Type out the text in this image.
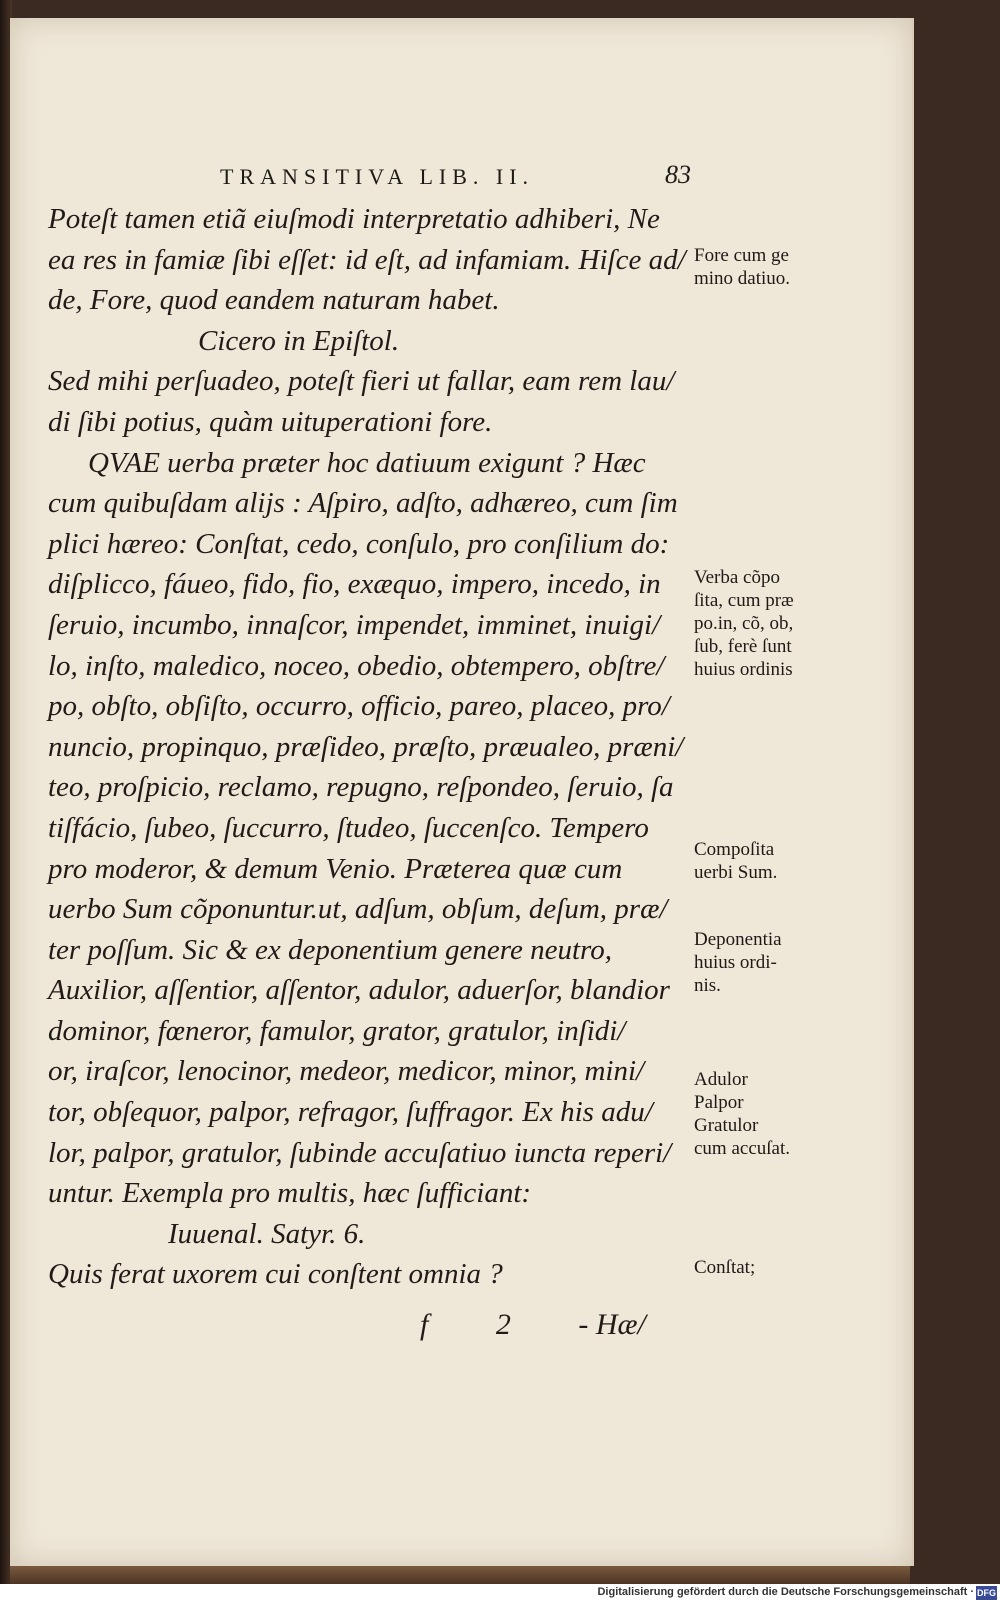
TRANSITIVA LIB. II.	83
Poteſt tamen etiã eiuſmodi interpretatio adhiberi, Ne
ea res in famiæ ſibi eſſet: id eſt, ad infamiam. Hiſce ad/
de, Fore, quod eandem naturam habet.
Cicero in Epiſtol.
Sed mihi perſuadeo, poteſt fieri ut fallar, eam rem lau/
di ſibi potius, quàm uituperationi fore.
QVAE uerba præter hoc datiuum exigunt ? Hæc
cum quibuſdam alijs : Aſpiro, adſto, adhæreo, cum ſim
plici hæreo: Conſtat, cedo, conſulo, pro conſilium do:
diſplicco, fáueo, fido, fio, exæquo, impero, incedo, in
ſeruio, incumbo, innaſcor, impendet, imminet, inuigi/
lo, inſto, maledico, noceo, obedio, obtempero, obſtre/
po, obſto, obſiſto, occurro, officio, pareo, placeo, pro/
nuncio, propinquo, præſideo, præſto, præualeo, præni/
teo, proſpicio, reclamo, repugno, reſpondeo, ſeruio, ſa
tiſfácio, ſubeo, ſuccurro, ſtudeo, ſuccenſco. Tempero
pro moderor, & demum Venio. Præterea quæ cum
uerbo Sum cõponuntur.ut, adſum, obſum, deſum, præ/
ter poſſum. Sic & ex deponentium genere neutro,
Auxilior, aſſentior, aſſentor, adulor, aduerſor, blandior
dominor, fœneror, famulor, grator, gratulor, inſidi/
or, iraſcor, lenocinor, medeor, medicor, minor, mini/
tor, obſequor, palpor, refragor, ſuffragor. Ex his adu/
lor, palpor, gratulor, ſubinde accuſatiuo iuncta reperi/
untur. Exempla pro multis, hæc ſufficiant:
Iuuenal. Satyr. 6.
Quis ferat uxorem cui conſtent omnia ?
f 2 - Hæ/
Fore cum ge
mino datiuo.
Verba cõpo
ſita, cum præ
po.in, cõ, ob,
ſub, ferè ſunt
huius ordinis
Compoſita
uerbi Sum.
Deponentia
huius ordi-
nis.
Adulor
Palpor
Gratulor
cum accuſat.
Conſtat;
Digitalisierung gefördert durch die Deutsche Forschungsgemeinschaft · DFG
